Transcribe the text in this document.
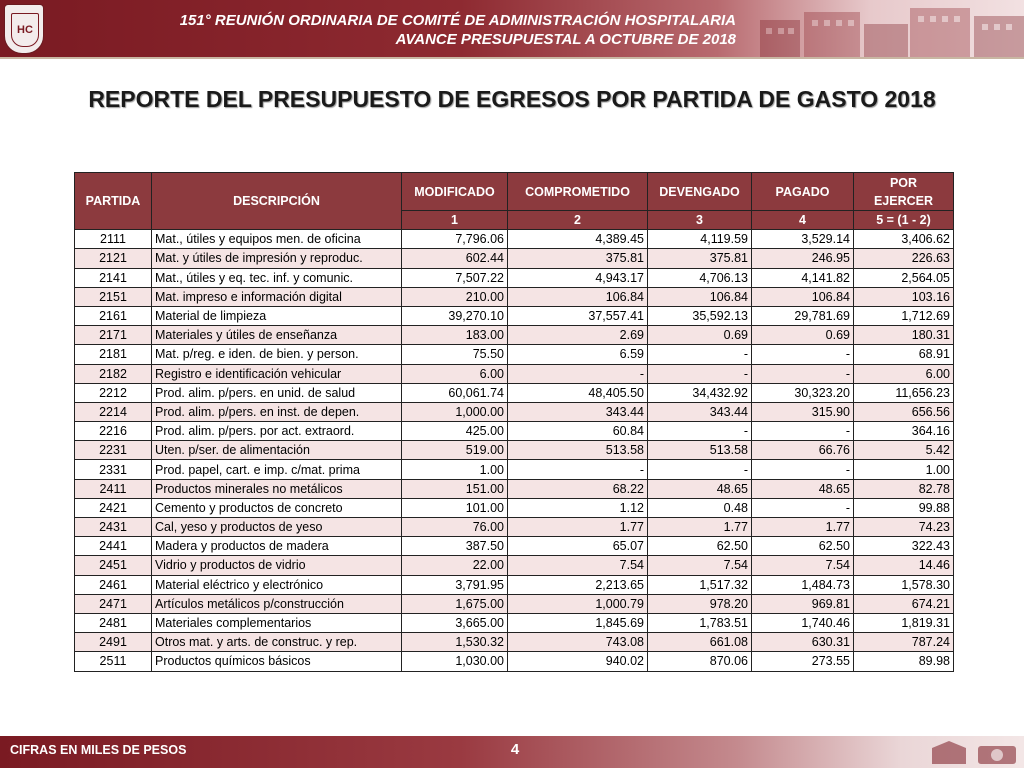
HC
151° REUNIÓN ORDINARIA DE COMITÉ DE ADMINISTRACIÓN HOSPITALARIA
AVANCE PRESUPUESTAL A OCTUBRE DE 2018
REPORTE DEL PRESUPUESTO DE EGRESOS POR PARTIDA DE GASTO 2018
PARTIDA	DESCRIPCIÓN	MODIFICADO	COMPROMETIDO	DEVENGADO	PAGADO	POR
EJERCER

		1	2	3	4	5 = (1 - 2)
2111	Mat., útiles y equipos men. de oficina	7,796.06	4,389.45	4,119.59	3,529.14	3,406.62
2121	Mat. y útiles de impresión y reproduc.	602.44	375.81	375.81	246.95	226.63
2141	Mat., útiles y eq. tec. inf. y comunic.	7,507.22	4,943.17	4,706.13	4,141.82	2,564.05
2151	Mat. impreso e información digital	210.00	106.84	106.84	106.84	103.16
2161	Material de limpieza	39,270.10	37,557.41	35,592.13	29,781.69	1,712.69
2171	Materiales y útiles de enseñanza	183.00	2.69	0.69	0.69	180.31
2181	Mat. p/reg. e iden. de bien. y person.	75.50	6.59	-	-	68.91
2182	Registro e identificación vehicular	6.00	-	-	-	6.00
2212	Prod. alim. p/pers. en unid. de salud	60,061.74	48,405.50	34,432.92	30,323.20	11,656.23
2214	Prod. alim. p/pers. en inst. de depen.	1,000.00	343.44	343.44	315.90	656.56
2216	Prod. alim. p/pers. por act. extraord.	425.00	60.84	-	-	364.16
2231	Uten. p/ser. de alimentación	519.00	513.58	513.58	66.76	5.42
2331	Prod. papel, cart. e imp. c/mat. prima	1.00	-	-	-	1.00
2411	Productos minerales no metálicos	151.00	68.22	48.65	48.65	82.78
2421	Cemento y productos de concreto	101.00	1.12	0.48	-	99.88
2431	Cal, yeso y productos de yeso	76.00	1.77	1.77	1.77	74.23
2441	Madera y productos de madera	387.50	65.07	62.50	62.50	322.43
2451	Vidrio y productos de vidrio	22.00	7.54	7.54	7.54	14.46
2461	Material eléctrico y electrónico	3,791.95	2,213.65	1,517.32	1,484.73	1,578.30
2471	Artículos metálicos p/construcción	1,675.00	1,000.79	978.20	969.81	674.21
2481	Materiales complementarios	3,665.00	1,845.69	1,783.51	1,740.46	1,819.31
2491	Otros mat. y arts. de construc. y rep.	1,530.32	743.08	661.08	630.31	787.24
2511	Productos químicos básicos	1,030.00	940.02	870.06	273.55	89.98
CIFRAS EN MILES DE PESOS	4
